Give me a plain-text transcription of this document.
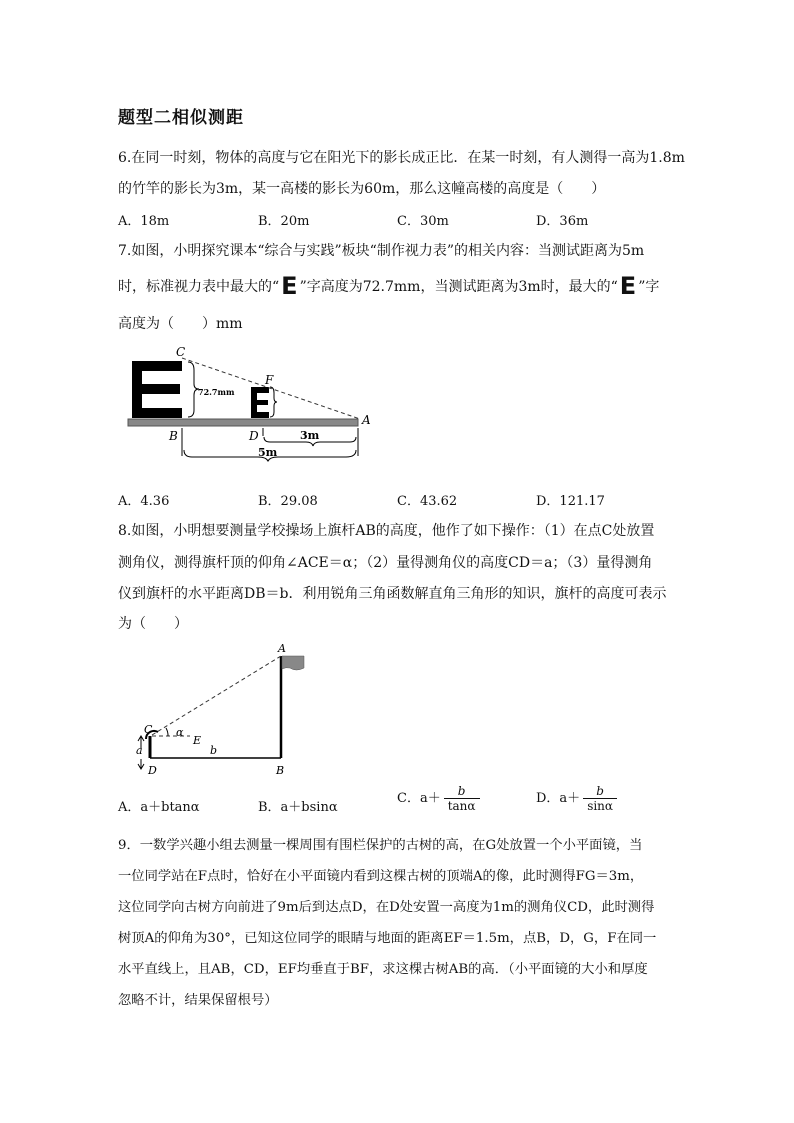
题型二相似测距
6.在同一时刻，物体的高度与它在阳光下的影长成正比．在某一时刻，有人测得一高为1.8m
的竹竿的影长为3m，某一高楼的影长为60m，那么这幢高楼的高度是（　　）
A．18m	B．20m	C．30m	D．36m
7.如图，小明探究课本“综合与实践”板块“制作视力表”的相关内容：当测试距离为5m
时，标准视力表中最大的“E ”字高度为72.7mm，当测试距离为3m时，最大的“E ”字
高度为（　　）mm
72.7mm
C
F
A
B	D	3m
5m
A．4.36	B．29.08	C．43.62	D．121.17
8.如图，小明想要测量学校操场上旗杆AB的高度，他作了如下操作：（1）在点C处放置
测角仪，测得旗杆顶的仰角∠ACE＝α；（2）量得测角仪的高度CD＝a；（3）量得测角
仪到旗杆的水平距离DB＝b．利用锐角三角函数解直角三角形的知识，旗杆的高度可表示
为（　　）
A
C α
E
a
D
b
B
A．a＋btanα	B．a＋bsinα
C．$a+ \frac{b}{\tan\alpha}$	D．$a+ \frac{b}{\sin\alpha}$
9．一数学兴趣小组去测量一棵周围有围栏保护的古树的高，在G处放置一个小平面镜，当
一位同学站在F点时，恰好在小平面镜内看到这棵古树的顶端A的像，此时测得FG＝3m，
这位同学向古树方向前进了9m后到达点D，在D处安置一高度为1m的测角仪CD，此时测得
树顶A的仰角为30°，已知这位同学的眼睛与地面的距离EF＝1.5m，点B，D，G，F在同一
水平直线上，且AB，CD，EF均垂直于BF，求这棵古树AB的高．（小平面镜的大小和厚度
忽略不计，结果保留根号）
